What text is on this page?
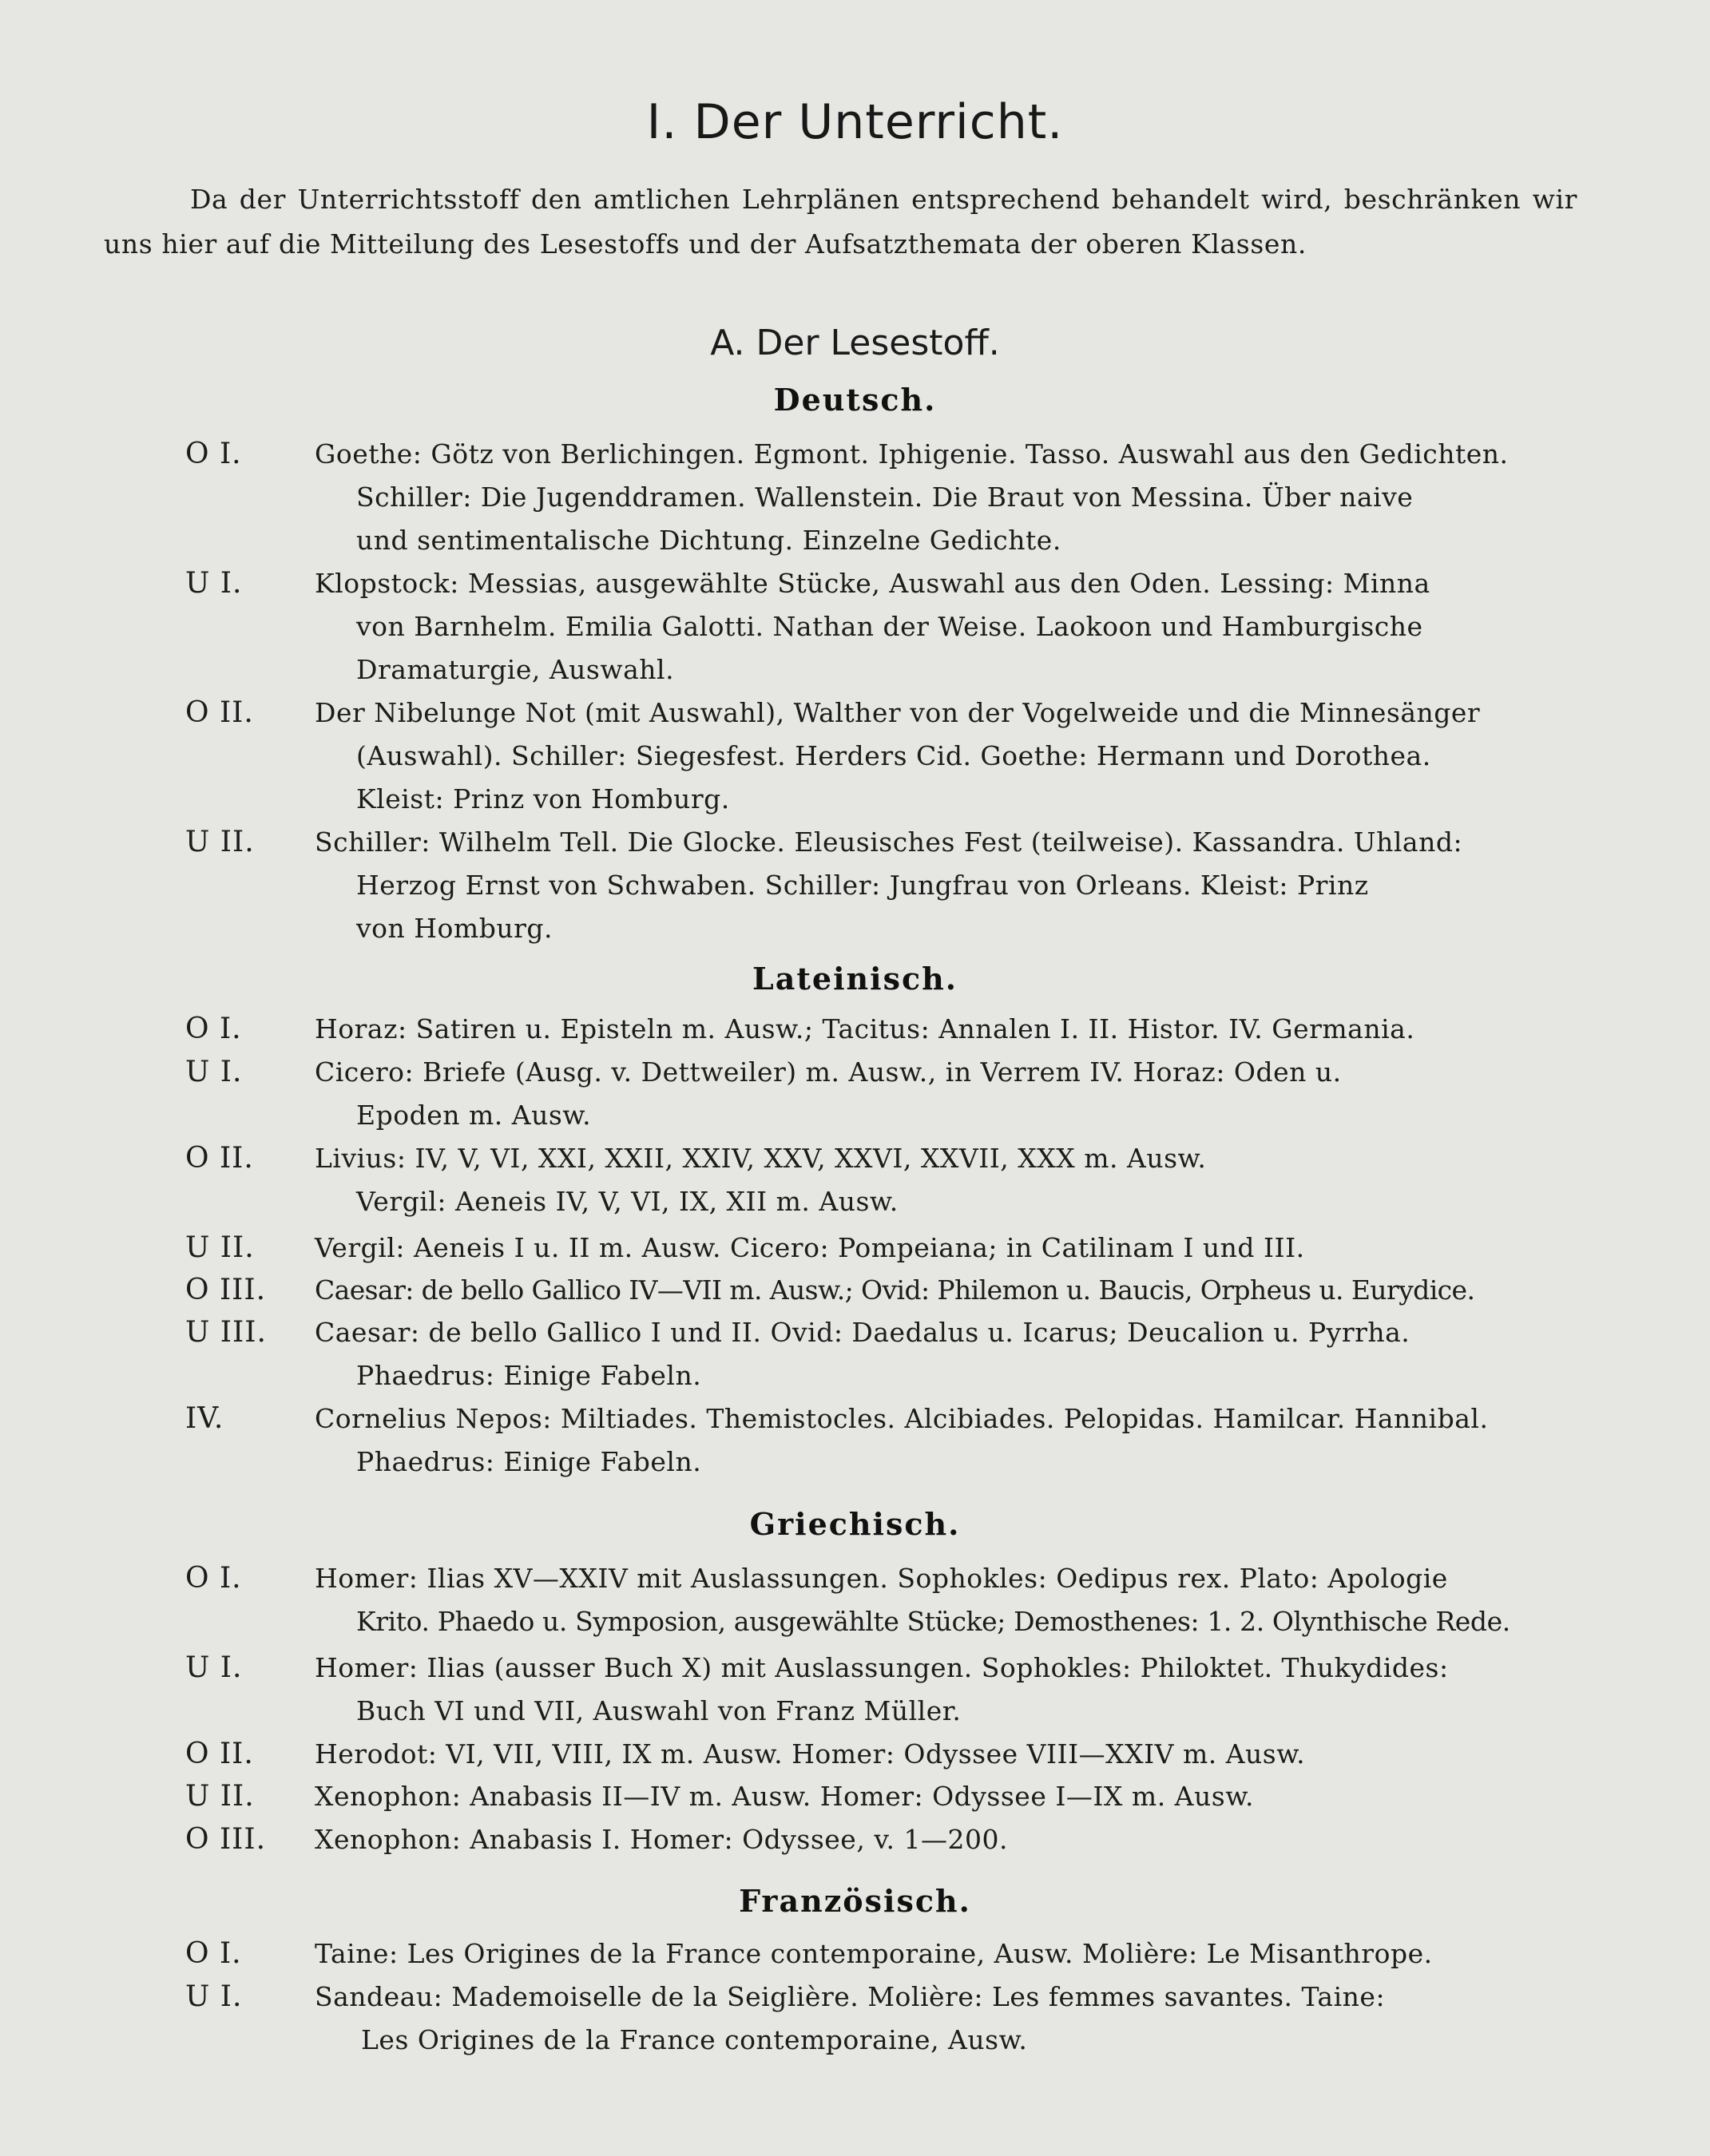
I. Der Unterricht.

Da der Unterrichtsstoff den amtlichen Lehrplänen entsprechend behandelt wird, beschränken wir uns hier auf die Mitteilung des Lesestoffs und der Aufsatzthemata der oberen Klassen.

A. Der Lesestoff.
Deutsch.
O I.	Goethe: Götz von Berlichingen. Egmont. Iphigenie. Tasso. Auswahl aus den Gedichten.
Schiller: Die Jugenddramen. Wallenstein. Die Braut von Messina. Über naive
und sentimentalische Dichtung. Einzelne Gedichte.
U I.	Klopstock: Messias, ausgewählte Stücke, Auswahl aus den Oden. Lessing: Minna
von Barnhelm. Emilia Galotti. Nathan der Weise. Laokoon und Hamburgische
Dramaturgie, Auswahl.
O II.	Der Nibelunge Not (mit Auswahl), Walther von der Vogelweide und die Minnesänger
(Auswahl). Schiller: Siegesfest. Herders Cid. Goethe: Hermann und Dorothea.
Kleist: Prinz von Homburg.
U II.	Schiller: Wilhelm Tell. Die Glocke. Eleusisches Fest (teilweise). Kassandra. Uhland:
Herzog Ernst von Schwaben. Schiller: Jungfrau von Orleans. Kleist: Prinz
von Homburg.
Lateinisch.
O I.	Horaz: Satiren u. Episteln m. Ausw.; Tacitus: Annalen I. II. Histor. IV. Germania.
U I.	Cicero: Briefe (Ausg. v. Dettweiler) m. Ausw., in Verrem IV. Horaz: Oden u.
Epoden m. Ausw.
O II.	Livius: IV, V, VI, XXI, XXII, XXIV, XXV, XXVI, XXVII, XXX m. Ausw.
Vergil: Aeneis IV, V, VI, IX, XII m. Ausw.
U II.	Vergil: Aeneis I u. II m. Ausw. Cicero: Pompeiana; in Catilinam I und III.
O III.	Caesar: de bello Gallico IV—VII m. Ausw.; Ovid: Philemon u. Baucis, Orpheus u. Eurydice.
U III.	Caesar: de bello Gallico I und II. Ovid: Daedalus u. Icarus; Deucalion u. Pyrrha.
Phaedrus: Einige Fabeln.
IV.	Cornelius Nepos: Miltiades. Themistocles. Alcibiades. Pelopidas. Hamilcar. Hannibal.
Phaedrus: Einige Fabeln.
Griechisch.
O I.	Homer: Ilias XV—XXIV mit Auslassungen. Sophokles: Oedipus rex. Plato: Apologie
Krito. Phaedo u. Symposion, ausgewählte Stücke; Demosthenes: 1. 2. Olynthische Rede.
U I.	Homer: Ilias (ausser Buch X) mit Auslassungen. Sophokles: Philoktet. Thukydides:
Buch VI und VII, Auswahl von Franz Müller.
O II.	Herodot: VI, VII, VIII, IX m. Ausw. Homer: Odyssee VIII—XXIV m. Ausw.
U II.	Xenophon: Anabasis II—IV m. Ausw. Homer: Odyssee I—IX m. Ausw.
O III.	Xenophon: Anabasis I. Homer: Odyssee, v. 1—200.
Französisch.
O I.	Taine: Les Origines de la France contemporaine, Ausw. Molière: Le Misanthrope.
U I.	Sandeau: Mademoiselle de la Seiglière. Molière: Les femmes savantes. Taine:
Les Origines de la France contemporaine, Ausw.
